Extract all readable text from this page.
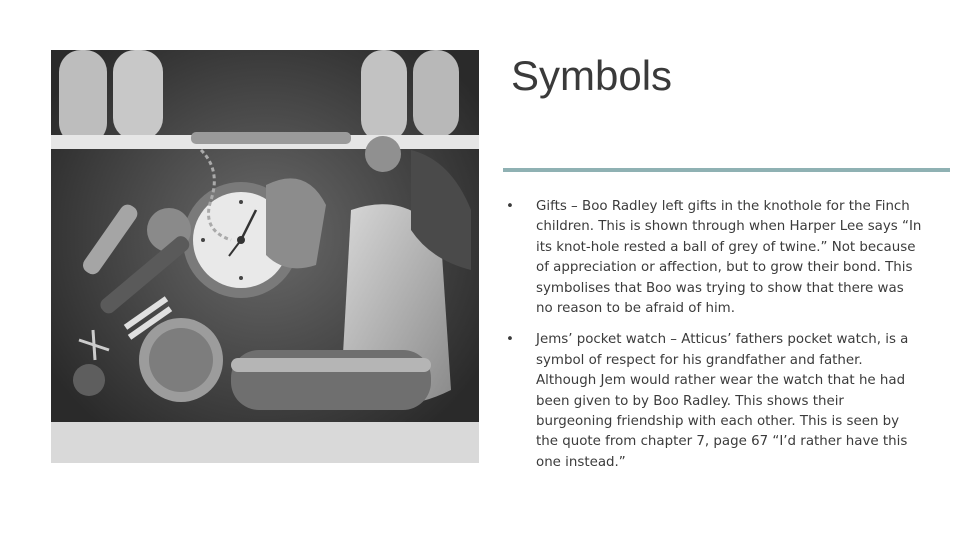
Symbols
• Gifts – Boo Radley left gifts in the knothole for the Finch children. This is shown through when Harper Lee says “In its knot-hole rested a ball of grey of twine.” Not because of appreciation or affection, but to grow their bond. This symbolises that Boo was trying to show that there was no reason to be afraid of him.
• Jems’ pocket watch – Atticus’ fathers pocket watch, is a symbol of respect for his grandfather and father. Although Jem would rather wear the watch that he had been given to by Boo Radley. This shows their burgeoning friendship with each other. This is seen by the quote from chapter 7, page 67 “I’d rather have this one instead.”
